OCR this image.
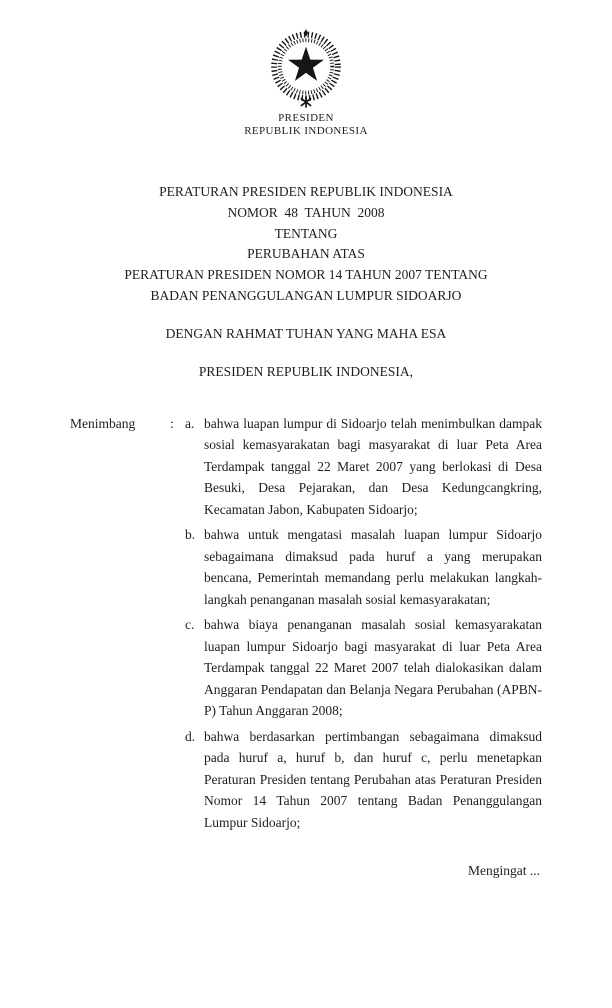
PRESIDEN
REPUBLIK INDONESIA
PERATURAN PRESIDEN REPUBLIK INDONESIA
NOMOR  48  TAHUN  2008
TENTANG
PERUBAHAN ATAS
PERATURAN PRESIDEN NOMOR 14 TAHUN 2007 TENTANG
BADAN PENANGGULANGAN LUMPUR SIDOARJO
DENGAN RAHMAT TUHAN YANG MAHA ESA
PRESIDEN REPUBLIK INDONESIA,
Menimbang	: a. bahwa luapan lumpur di Sidoarjo telah menimbulkan dampak sosial kemasyarakatan bagi masyarakat di luar Peta Area Terdampak tanggal 22 Maret 2007 yang berlokasi di Desa Besuki, Desa Pejarakan, dan Desa Kedungcangkring, Kecamatan Jabon, Kabupaten Sidoarjo;
b. bahwa untuk mengatasi masalah luapan lumpur Sidoarjo sebagaimana dimaksud pada huruf a yang merupakan bencana, Pemerintah memandang perlu melakukan langkah-langkah penanganan masalah sosial kemasyarakatan;
c. bahwa biaya penanganan masalah sosial kemasyarakatan luapan lumpur Sidoarjo bagi masyarakat di luar Peta Area Terdampak tanggal 22 Maret 2007 telah dialokasikan dalam Anggaran Pendapatan dan Belanja Negara Perubahan (APBN-P) Tahun Anggaran 2008;
d. bahwa berdasarkan pertimbangan sebagaimana dimaksud pada huruf a, huruf b, dan huruf c, perlu menetapkan Peraturan Presiden tentang Perubahan atas Peraturan Presiden Nomor 14 Tahun 2007 tentang Badan Penanggulangan Lumpur Sidoarjo;
Mengingat ...
